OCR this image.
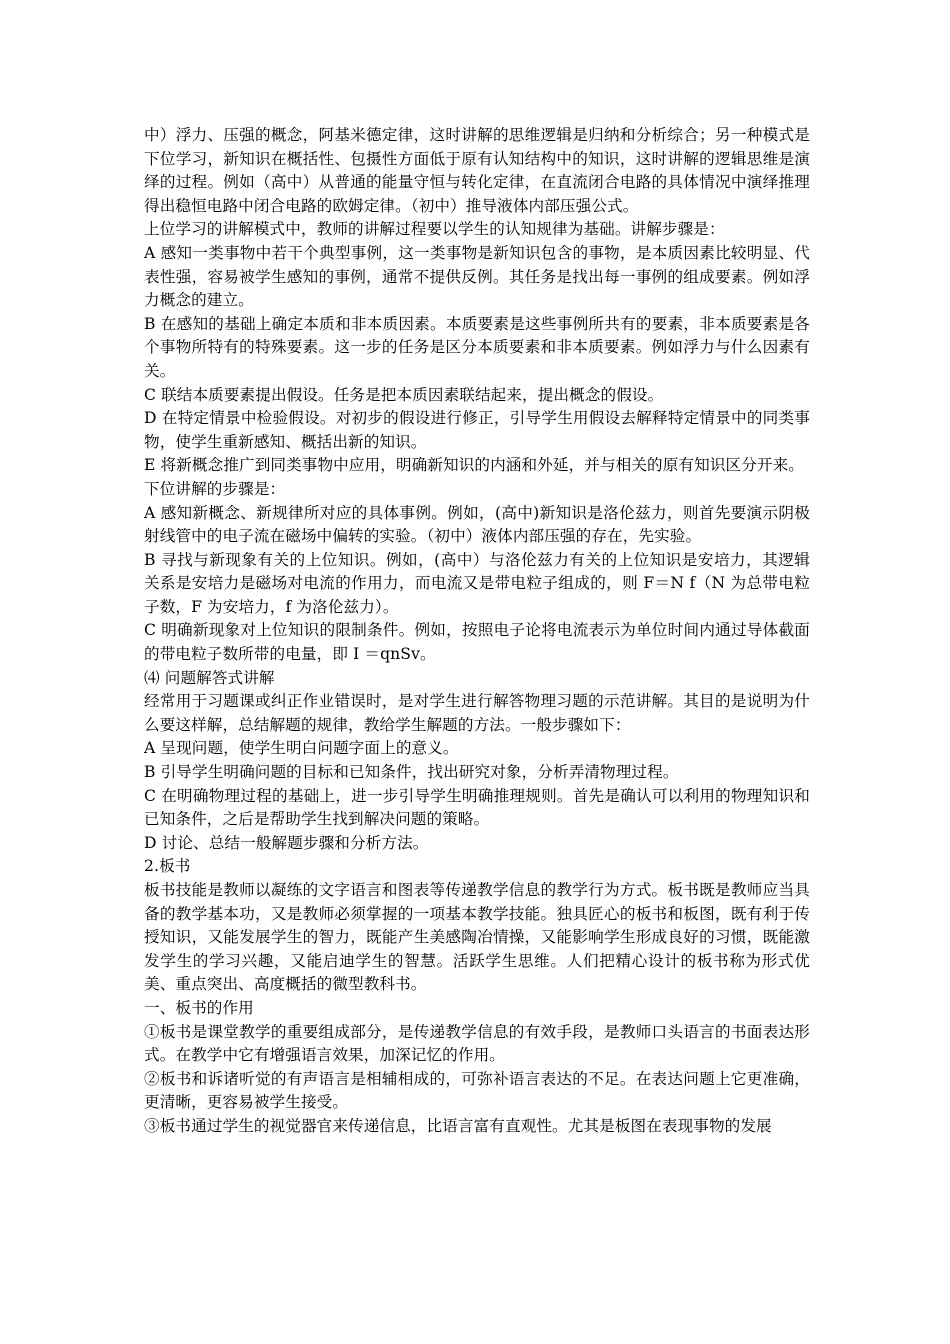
中）浮力、压强的概念，阿基米德定律，这时讲解的思维逻辑是归纳和分析综合；另一种模式是下位学习，新知识在概括性、包摄性方面低于原有认知结构中的知识，这时讲解的逻辑思维是演绎的过程。例如（高中）从普通的能量守恒与转化定律，在直流闭合电路的具体情况中演绎推理得出稳恒电路中闭合电路的欧姆定律。（初中）推导液体内部压强公式。

上位学习的讲解模式中，教师的讲解过程要以学生的认知规律为基础。讲解步骤是：

A 感知一类事物中若干个典型事例，这一类事物是新知识包含的事物，是本质因素比较明显、代表性强，容易被学生感知的事例，通常不提供反例。其任务是找出每一事例的组成要素。例如浮力概念的建立。

B 在感知的基础上确定本质和非本质因素。本质要素是这些事例所共有的要素，非本质要素是各个事物所特有的特殊要素。这一步的任务是区分本质要素和非本质要素。例如浮力与什么因素有关。

C 联结本质要素提出假设。任务是把本质因素联结起来，提出概念的假设。

D 在特定情景中检验假设。对初步的假设进行修正，引导学生用假设去解释特定情景中的同类事物，使学生重新感知、概括出新的知识。

E 将新概念推广到同类事物中应用，明确新知识的内涵和外延，并与相关的原有知识区分开来。

下位讲解的步骤是：

A 感知新概念、新规律所对应的具体事例。例如，(高中)新知识是洛伦兹力，则首先要演示阴极射线管中的电子流在磁场中偏转的实验。（初中）液体内部压强的存在，先实验。

B 寻找与新现象有关的上位知识。例如，(高中）与洛伦兹力有关的上位知识是安培力，其逻辑关系是安培力是磁场对电流的作用力，而电流又是带电粒子组成的，则 F＝N f（N 为总带电粒子数，F 为安培力，f 为洛伦兹力）。

C 明确新现象对上位知识的限制条件。例如，按照电子论将电流表示为单位时间内通过导体截面的带电粒子数所带的电量，即 I ＝qnSv。

⑷ 问题解答式讲解

经常用于习题课或纠正作业错误时，是对学生进行解答物理习题的示范讲解。其目的是说明为什么要这样解，总结解题的规律，教给学生解题的方法。一般步骤如下：

A 呈现问题，使学生明白问题字面上的意义。

B 引导学生明确问题的目标和已知条件，找出研究对象，分析弄清物理过程。

C 在明确物理过程的基础上，进一步引导学生明确推理规则。首先是确认可以利用的物理知识和已知条件，之后是帮助学生找到解决问题的策略。

D 讨论、总结一般解题步骤和分析方法。

2.板书

板书技能是教师以凝练的文字语言和图表等传递教学信息的教学行为方式。板书既是教师应当具备的教学基本功，又是教师必须掌握的一项基本教学技能。独具匠心的板书和板图，既有利于传授知识，又能发展学生的智力，既能产生美感陶冶情操，又能影响学生形成良好的习惯，既能激发学生的学习兴趣，又能启迪学生的智慧。活跃学生思维。人们把精心设计的板书称为形式优美、重点突出、高度概括的微型教科书。

一、板书的作用

①板书是课堂教学的重要组成部分，是传递教学信息的有效手段，是教师口头语言的书面表达形式。在教学中它有增强语言效果，加深记忆的作用。

②板书和诉诸听觉的有声语言是相辅相成的，可弥补语言表达的不足。在表达问题上它更准确，更清晰，更容易被学生接受。

③板书通过学生的视觉器官来传递信息，比语言富有直观性。尤其是板图在表现事物的发展
